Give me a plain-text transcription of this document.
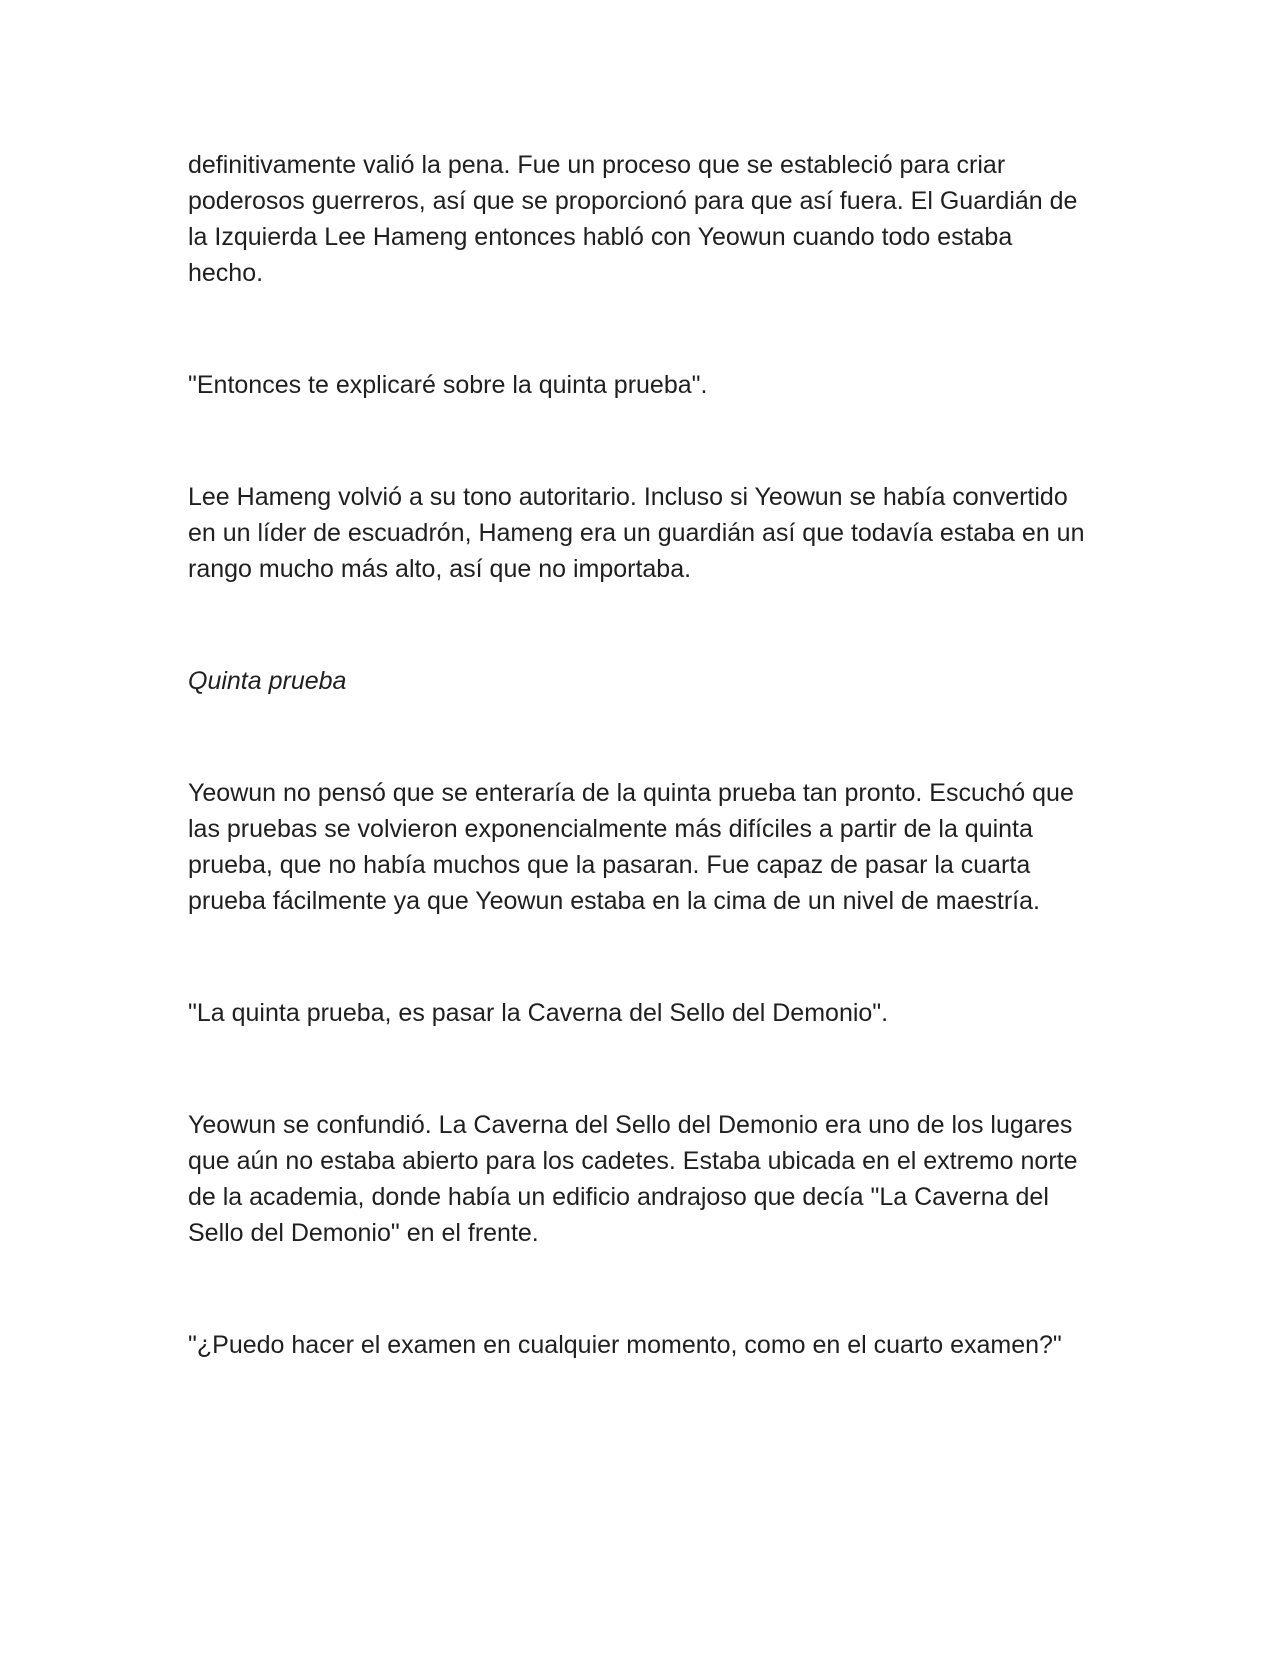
definitivamente valió la pena. Fue un proceso que se estableció para criar poderosos guerreros, así que se proporcionó para que así fuera. El Guardián de la Izquierda Lee Hameng entonces habló con Yeowun cuando todo estaba hecho.

"Entonces te explicaré sobre la quinta prueba".

Lee Hameng volvió a su tono autoritario. Incluso si Yeowun se había convertido en un líder de escuadrón, Hameng era un guardián así que todavía estaba en un rango mucho más alto, así que no importaba.

Quinta prueba

Yeowun no pensó que se enteraría de la quinta prueba tan pronto. Escuchó que las pruebas se volvieron exponencialmente más difíciles a partir de la quinta prueba, que no había muchos que la pasaran. Fue capaz de pasar la cuarta prueba fácilmente ya que Yeowun estaba en la cima de un nivel de maestría.

"La quinta prueba, es pasar la Caverna del Sello del Demonio".

Yeowun se confundió. La Caverna del Sello del Demonio era uno de los lugares que aún no estaba abierto para los cadetes. Estaba ubicada en el extremo norte de la academia, donde había un edificio andrajoso que decía "La Caverna del Sello del Demonio" en el frente.

"¿Puedo hacer el examen en cualquier momento, como en el cuarto examen?"
